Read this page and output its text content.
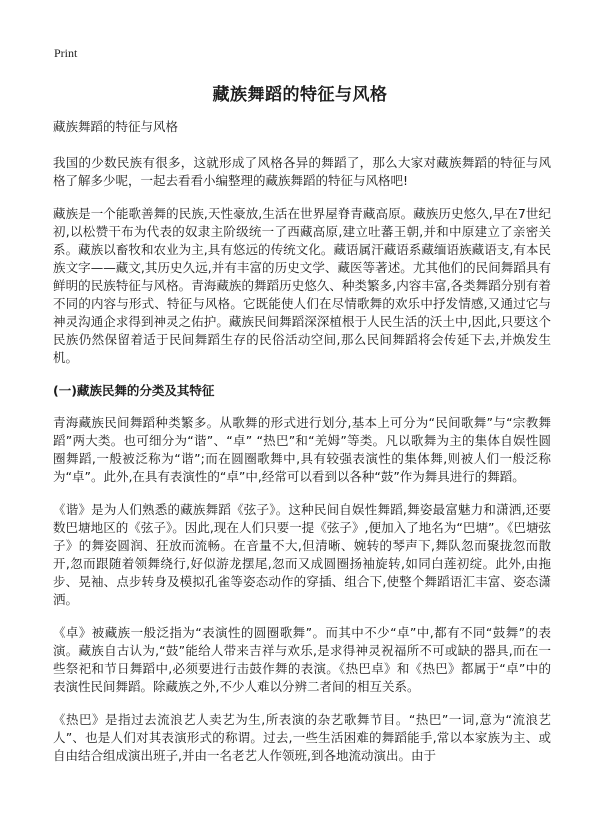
Print
藏族舞蹈的特征与风格

藏族舞蹈的特征与风格

我国的少数民族有很多，这就形成了风格各异的舞蹈了，那么大家对藏族舞蹈的特征与风格了解多少呢，一起去看看小编整理的藏族舞蹈的特征与风格吧!

藏族是一个能歌善舞的民族,天性豪放,生活在世界屋脊青藏高原。藏族历史悠久,早在7世纪初,以松赞干布为代表的奴隶主阶级统一了西藏高原,建立吐蕃王朝,并和中原建立了亲密关系。藏族以畜牧和农业为主,具有悠远的传统文化。藏语属汗藏语系藏缅语族藏语支,有本民族文字——藏文,其历史久远,并有丰富的历史文学、藏医等著述。尤其他们的民间舞蹈具有鲜明的民族特征与风格。青海藏族的舞蹈历史悠久、种类繁多,内容丰富,各类舞蹈分别有着不同的内容与形式、特征与风格。它既能使人们在尽情歌舞的欢乐中抒发情感,又通过它与神灵沟通企求得到神灵之佑护。藏族民间舞蹈深深植根于人民生活的沃土中,因此,只要这个民族仍然保留着适于民间舞蹈生存的民俗活动空间,那么民间舞蹈将会传延下去,并焕发生机。

(一)藏族民舞的分类及其特征

青海藏族民间舞蹈种类繁多。从歌舞的形式进行划分,基本上可分为“民间歌舞”与“宗教舞蹈”两大类。也可细分为“谐”、“卓” “热巴”和“羌姆”等类。凡以歌舞为主的集体自娱性圆圈舞蹈,一般被泛称为“谐”;而在圆圈歌舞中,具有较强表演性的集体舞,则被人们一般泛称为“卓”。此外,在具有表演性的“卓”中,经常可以看到以各种“鼓”作为舞具进行的舞蹈。

《谐》是为人们熟悉的藏族舞蹈《弦子》。这种民间自娱性舞蹈,舞姿最富魅力和潇洒,还要数巴塘地区的《弦子》。因此,现在人们只要一提《弦子》,便加入了地名为“巴塘”。《巴塘弦子》的舞姿圆润、狂放而流畅。在音量不大,但清晰、婉转的琴声下,舞队忽而聚拢忽而散开,忽而跟随着领舞绕行,好似游龙摆尾,忽而又成圆圈扬袖旋转,如同白莲初绽。此外,由拖步、晃袖、点步转身及模拟孔雀等姿态动作的穿插、组合下,使整个舞蹈语汇丰富、姿态潇洒。

《卓》被藏族一般泛指为“表演性的圆圈歌舞”。而其中不少“卓”中,都有不同“鼓舞”的表演。藏族自古认为,“鼓”能给人带来吉祥与欢乐,是求得神灵祝福所不可或缺的器具,而在一些祭祀和节日舞蹈中,必须要进行击鼓作舞的表演。《热巴卓》和《热巴》都属于“卓”中的表演性民间舞蹈。除藏族之外,不少人难以分辨二者间的相互关系。

《热巴》是指过去流浪艺人卖艺为生,所表演的杂艺歌舞节目。“热巴”一词,意为“流浪艺人”、也是人们对其表演形式的称谓。过去,一些生活困难的舞蹈能手,常以本家族为主、或自由结合组成演出班子,并由一名老艺人作领班,到各地流动演出。由于
